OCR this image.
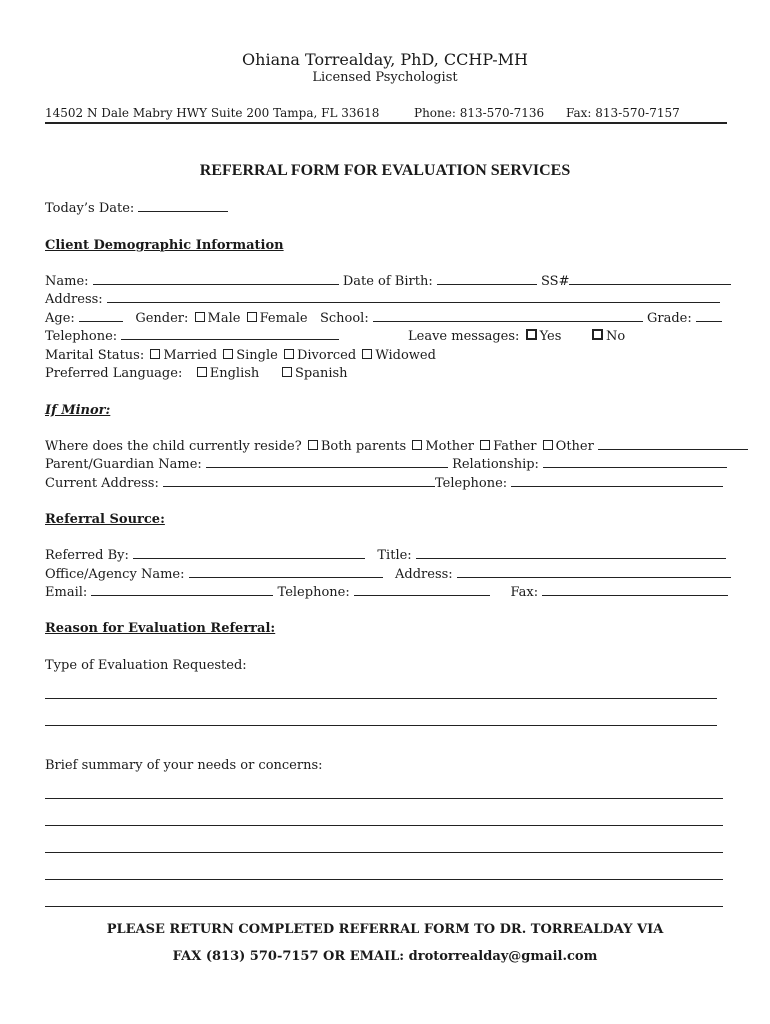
Ohiana Torrealday, PhD, CCHP-MH
Licensed Psychologist
14502 N Dale Mabry HWY Suite 200 Tampa, FL 33618	Phone: 813-570-7136 Fax: 813-570-7157
REFERRAL FORM FOR EVALUATION SERVICES
Today’s Date:
Client Demographic Information
Name:	Date of Birth:	SS#
Address:
Age:	Gender: Male Female School:	Grade:
Telephone:	Leave messages: Yes	No
Marital Status: Married Single Divorced Widowed
Preferred Language: English	Spanish
If Minor:
Where does the child currently reside? Both parents Mother Father Other
Parent/Guardian Name:	Relationship:
Current Address:	Telephone:
Referral Source:
Referred By:	Title:
Office/Agency Name:	Address:
Email:	Telephone:	Fax:
Reason for Evaluation Referral:
Type of Evaluation Requested:
Brief summary of your needs or concerns:
PLEASE RETURN COMPLETED REFERRAL FORM TO DR. TORREALDAY VIA
FAX (813) 570-7157 OR EMAIL: drotorrealday@gmail.com
